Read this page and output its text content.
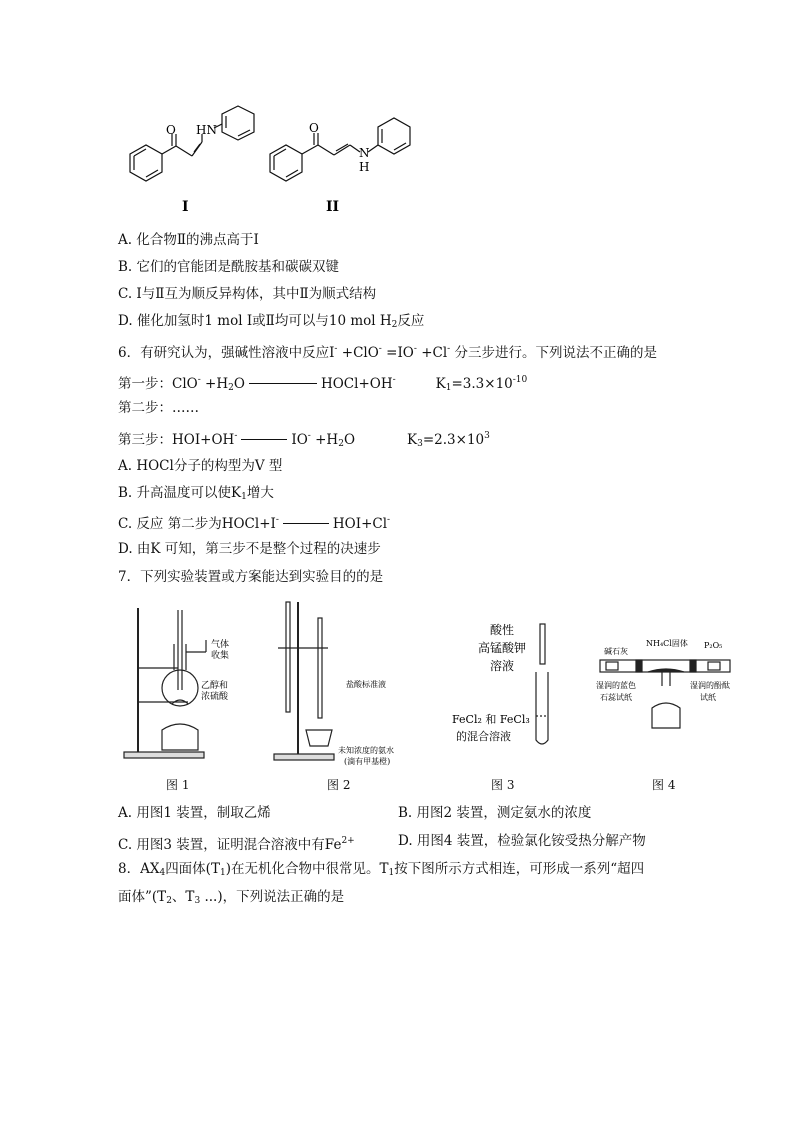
O HN	O
N
H
I	II
A. 化合物Ⅱ的沸点高于Ⅰ
B. 它们的官能团是酰胺基和碳碳双键
C. Ⅰ与Ⅱ互为顺反异构体，其中Ⅱ为顺式结构
D. 催化加氢时1 mol Ⅰ或Ⅱ均可以与10 mol $H_2$反应
6．有研究认为，强碱性溶液中反应I- +ClO- =IO- +Cl- 分三步进行。下列说法不正确的是
第一步：$ClO^- +H_2O$	HOCl+OH-	$K_1=3.3\times 10^{-10}$
第二步：……
第三步：HOI+OH-	$IO^- +H_2O$	$K_3=2.3\times 10^3$
A. HOCl分子的构型为V 型
B. 升高温度可以使$K_1$增大
C. 反应 第二步为HOCl+I-	HOI+Cl-
D. 由K 可知，第三步不是整个过程的决速步
7．下列实验装置或方案能达到实验目的的是
气体
收集
乙醇和
浓硫酸
图 1
盐酸标准液
未知浓度的氨水
(滴有甲基橙)
图 2
酸性
高锰酸钾
溶液
FeCl₂ 和 FeCl₃
的混合溶液
图 3
碱石灰
NH₄Cl固体 P₂O₅
湿润的蓝色
石蕊试纸
湿润的酚酞
试纸
图 4
A. 用图1 装置，制取乙烯	B. 用图2 装置，测定氨水的浓度
C. 用图3 装置，证明混合溶液中有$Fe^{2+}$	D. 用图4 装置，检验氯化铵受热分解产物
8．$AX_4$四面体$(T_1)$在无机化合物中很常见。$T_1$按下图所示方式相连，可形成一系列“超四
面体$”(T_2$、$T_3$ ...)，下列说法正确的是
